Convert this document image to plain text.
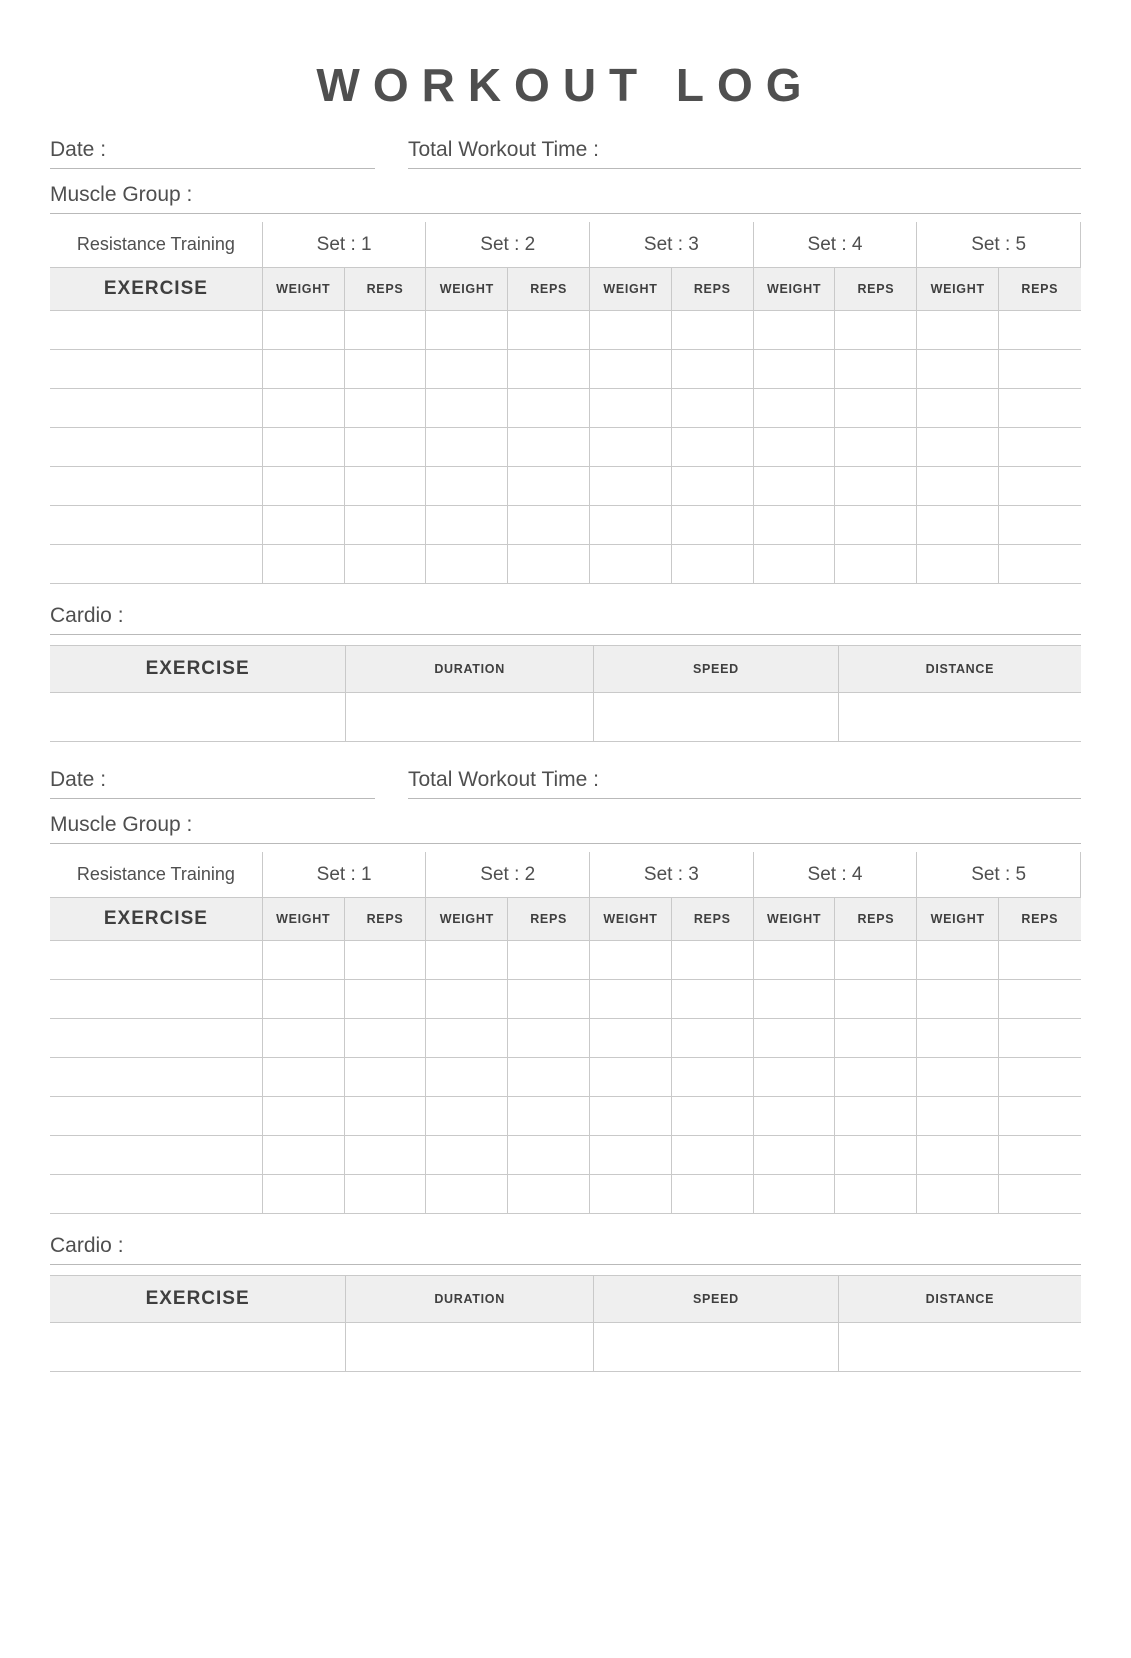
WORKOUT LOG
Date :	Total Workout Time :
Muscle Group :
Resistance Training	Set : 1		Set : 2		Set : 3		Set : 4		Set : 5	
EXERCISE	WEIGHT	REPS	WEIGHT	REPS	WEIGHT	REPS	WEIGHT	REPS	WEIGHT	REPS

Cardio :
EXERCISE	DURATION	SPEED	DISTANCE

Date :	Total Workout Time :
Muscle Group :
Resistance Training	Set : 1		Set : 2		Set : 3		Set : 4		Set : 5	
EXERCISE	WEIGHT	REPS	WEIGHT	REPS	WEIGHT	REPS	WEIGHT	REPS	WEIGHT	REPS

Cardio :
EXERCISE	DURATION	SPEED	DISTANCE
